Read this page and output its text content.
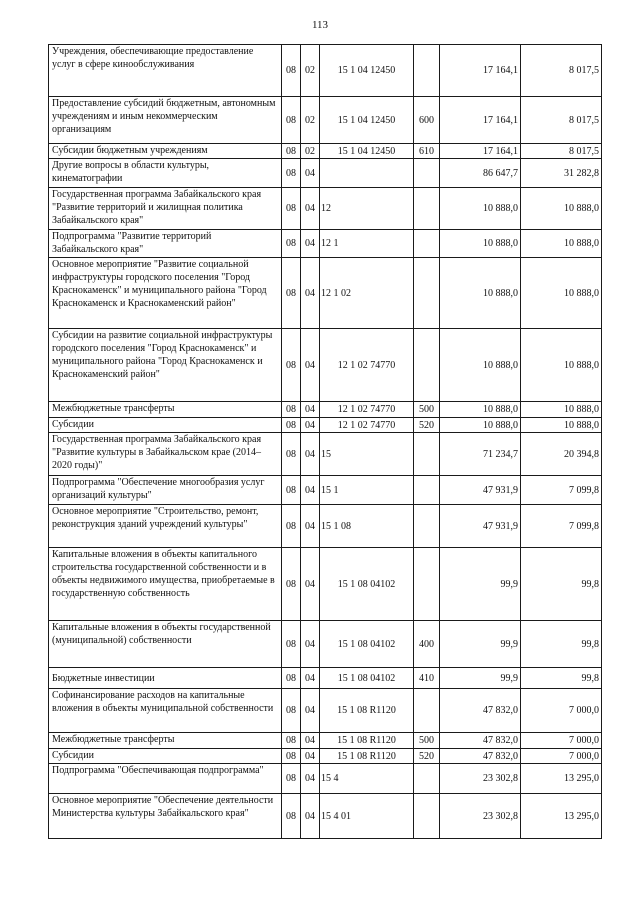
113
Учреждения, обеспечивающие предоставление услуг в сфере кинообслуживания	08	02	15 1 04 12450		17 164,1	8 017,5
Предоставление субсидий бюджетным, автономным учреждениям и иным некоммерческим организациям	08	02	15 1 04 12450	600	17 164,1	8 017,5
Субсидии бюджетным учреждениям	08	02	15 1 04 12450	610	17 164,1	8 017,5
Другие вопросы в области культуры, кинематографии	08	04			86 647,7	31 282,8
Государственная программа Забайкальского края "Развитие территорий и жилищная политика Забайкальского края"	08	04	12		10 888,0	10 888,0
Подпрограмма "Развитие территорий Забайкальского края"	08	04	12 1		10 888,0	10 888,0
Основное мероприятие "Развитие социальной инфраструктуры городского поселения "Город Краснокаменск" и муниципального района "Город Краснокаменск и Краснокаменский район"	08	04	12 1 02		10 888,0	10 888,0
Субсидии на развитие социальной инфраструктуры городского поселения "Город Краснокаменск" и муниципального района "Город Краснокаменск и Краснокаменский район"	08	04	12 1 02 74770		10 888,0	10 888,0
Межбюджетные трансферты	08	04	12 1 02 74770	500	10 888,0	10 888,0
Субсидии	08	04	12 1 02 74770	520	10 888,0	10 888,0
Государственная программа Забайкальского края "Развитие культуры в Забайкальском крае (2014–2020 годы)"	08	04	15		71 234,7	20 394,8
Подпрограмма "Обеспечение многообразия услуг организаций культуры"	08	04	15 1		47 931,9	7 099,8
Основное мероприятие "Строительство, ремонт, реконструкция зданий учреждений культуры"	08	04	15 1 08		47 931,9	7 099,8
Капитальные вложения в объекты капитального строительства государственной собственности и в объекты недвижимого имущества, приобретаемые в государственную собственность	08	04	15 1 08 04102		99,9	99,8
Капитальные вложения в объекты государственной (муниципальной) собственности	08	04	15 1 08 04102	400	99,9	99,8
Бюджетные инвестиции	08	04	15 1 08 04102	410	99,9	99,8
Софинансирование расходов на капитальные вложения в объекты муниципальной собственности	08	04	15 1 08 R1120		47 832,0	7 000,0
Межбюджетные трансферты	08	04	15 1 08 R1120	500	47 832,0	7 000,0
Субсидии	08	04	15 1 08 R1120	520	47 832,0	7 000,0
Подпрограмма "Обеспечивающая подпрограмма"	08	04	15 4		23 302,8	13 295,0
Основное мероприятие "Обеспечение деятельности Министерства культуры Забайкальского края"	08	04	15 4 01		23 302,8	13 295,0
